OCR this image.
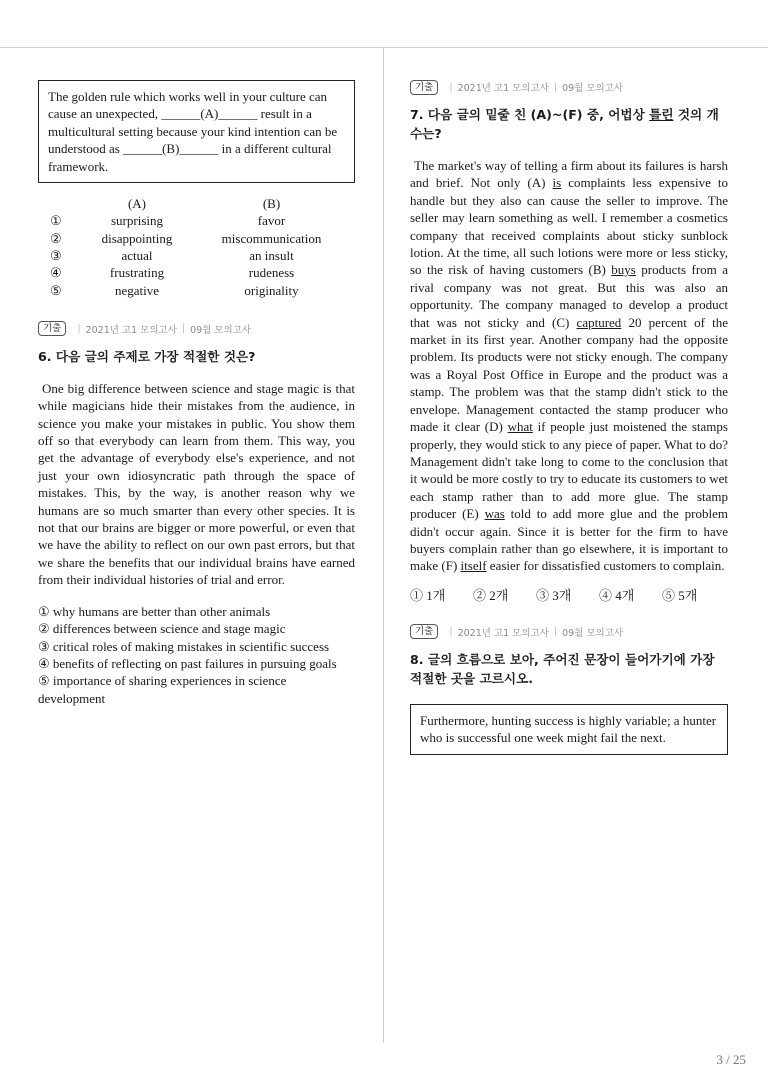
The golden rule which works well in your culture can cause an unexpected, ______(A)______ result in a multicultural setting because your kind intention can be understood as ______(B)______ in a different cultural framework.
	(A)	(B)
①	surprising	favor
②	disappointing	miscommunication
③	actual	an insult
④	frustrating	rudeness
⑤	negative	originality
기출	| 2021년 고1 모의고사 | 09월 모의고사
6. 다음 글의 주제로 가장 적절한 것은?
One big difference between science and stage magic is that while magicians hide their mistakes from the audience, in science you make your mistakes in public. You show them off so that everybody can learn from them. This way, you get the advantage of everybody else's experience, and not just your own idiosyncratic path through the space of mistakes. This, by the way, is another reason why we humans are so much smarter than every other species. It is not that our brains are bigger or more powerful, or even that we have the ability to reflect on our own past errors, but that we share the benefits that our individual brains have earned from their individual histories of trial and error.
① why humans are better than other animals
② differences between science and stage magic
③ critical roles of making mistakes in scientific success
④ benefits of reflecting on past failures in pursuing goals
⑤ importance of sharing experiences in science development
기출	| 2021년 고1 모의고사 | 09월 모의고사
7. 다음 글의 밑줄 친 (A)~(F) 중, 어법상 틀린 것의 개수는?
The market's way of telling a firm about its failures is harsh and brief. Not only (A) is complaints less expensive to handle but they also can cause the seller to improve. The seller may learn something as well. I remember a cosmetics company that received complaints about sticky sunblock lotion. At the time, all such lotions were more or less sticky, so the risk of having customers (B) buys products from a rival company was not great. But this was also an opportunity. The company managed to develop a product that was not sticky and (C) captured 20 percent of the market in its first year. Another company had the opposite problem. Its products were not sticky enough. The company was a Royal Post Office in Europe and the product was a stamp. The problem was that the stamp didn't stick to the envelope. Management contacted the stamp producer who made it clear (D) what if people just moistened the stamps properly, they would stick to any piece of paper. What to do? Management didn't take long to come to the conclusion that it would be more costly to try to educate its customers to wet each stamp rather than to add more glue. The stamp producer (E) was told to add more glue and the problem didn't occur again. Since it is better for the firm to have buyers complain rather than go elsewhere, it is important to make (F) itself easier for dissatisfied customers to complain.
① 1개	② 2개	③ 3개	④ 4개	⑤ 5개
기출	| 2021년 고1 모의고사 | 09월 모의고사
8. 글의 흐름으로 보아, 주어진 문장이 들어가기에 가장 적절한 곳을 고르시오.
Furthermore, hunting success is highly variable; a hunter who is successful one week might fail the next.
3 / 25
